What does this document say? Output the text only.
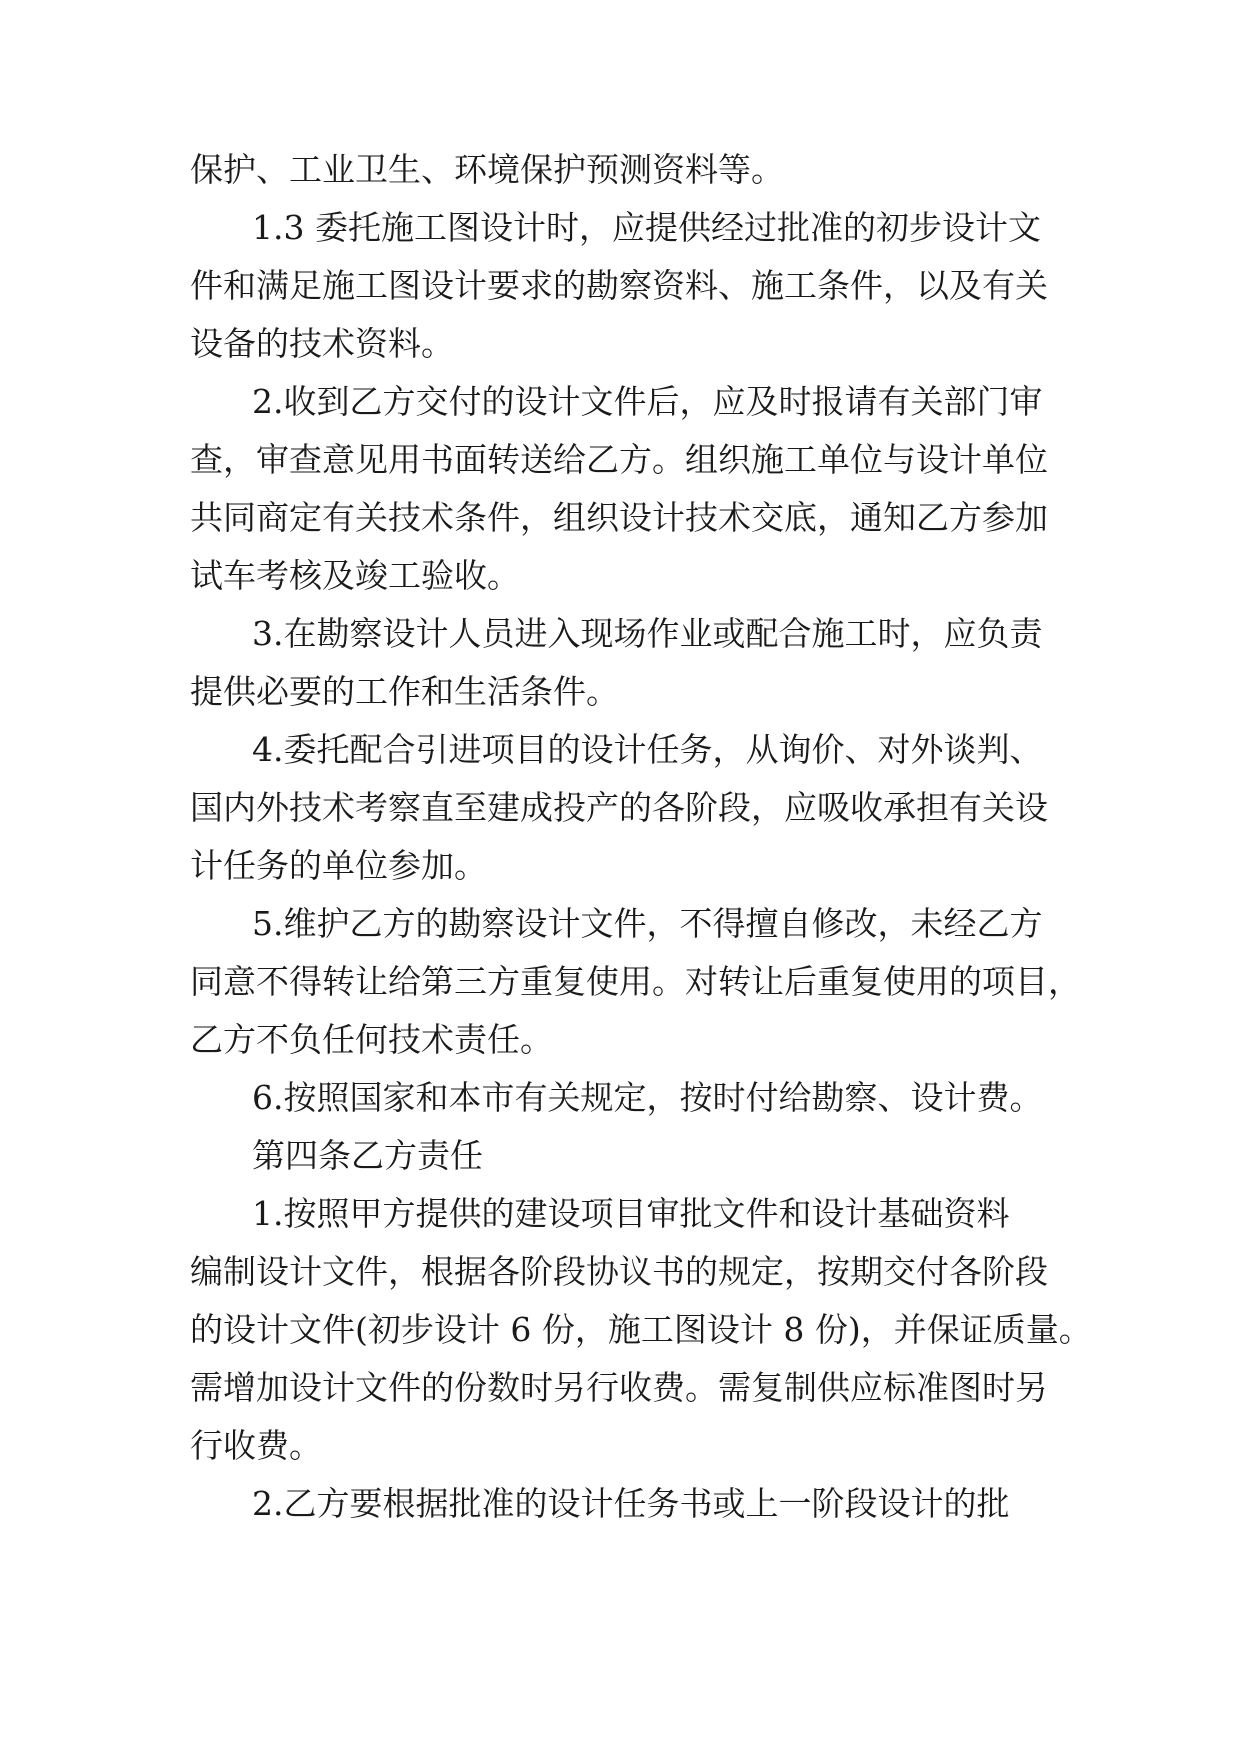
保护、工业卫生、环境保护预测资料等。
1.3 委托施工图设计时，应提供经过批准的初步设计文
件和满足施工图设计要求的勘察资料、施工条件，以及有关
设备的技术资料。
2.收到乙方交付的设计文件后，应及时报请有关部门审
查，审查意见用书面转送给乙方。组织施工单位与设计单位
共同商定有关技术条件，组织设计技术交底，通知乙方参加
试车考核及竣工验收。
3.在勘察设计人员进入现场作业或配合施工时，应负责
提供必要的工作和生活条件。
4.委托配合引进项目的设计任务，从询价、对外谈判、
国内外技术考察直至建成投产的各阶段，应吸收承担有关设
计任务的单位参加。
5.维护乙方的勘察设计文件，不得擅自修改，未经乙方
同意不得转让给第三方重复使用。对转让后重复使用的项目，
乙方不负任何技术责任。
6.按照国家和本市有关规定，按时付给勘察、设计费。
第四条乙方责任
1.按照甲方提供的建设项目审批文件和设计基础资料
编制设计文件，根据各阶段协议书的规定，按期交付各阶段
的设计文件(初步设计 6 份，施工图设计 8 份)，并保证质量。
需增加设计文件的份数时另行收费。需复制供应标准图时另
行收费。
2.乙方要根据批准的设计任务书或上一阶段设计的批
